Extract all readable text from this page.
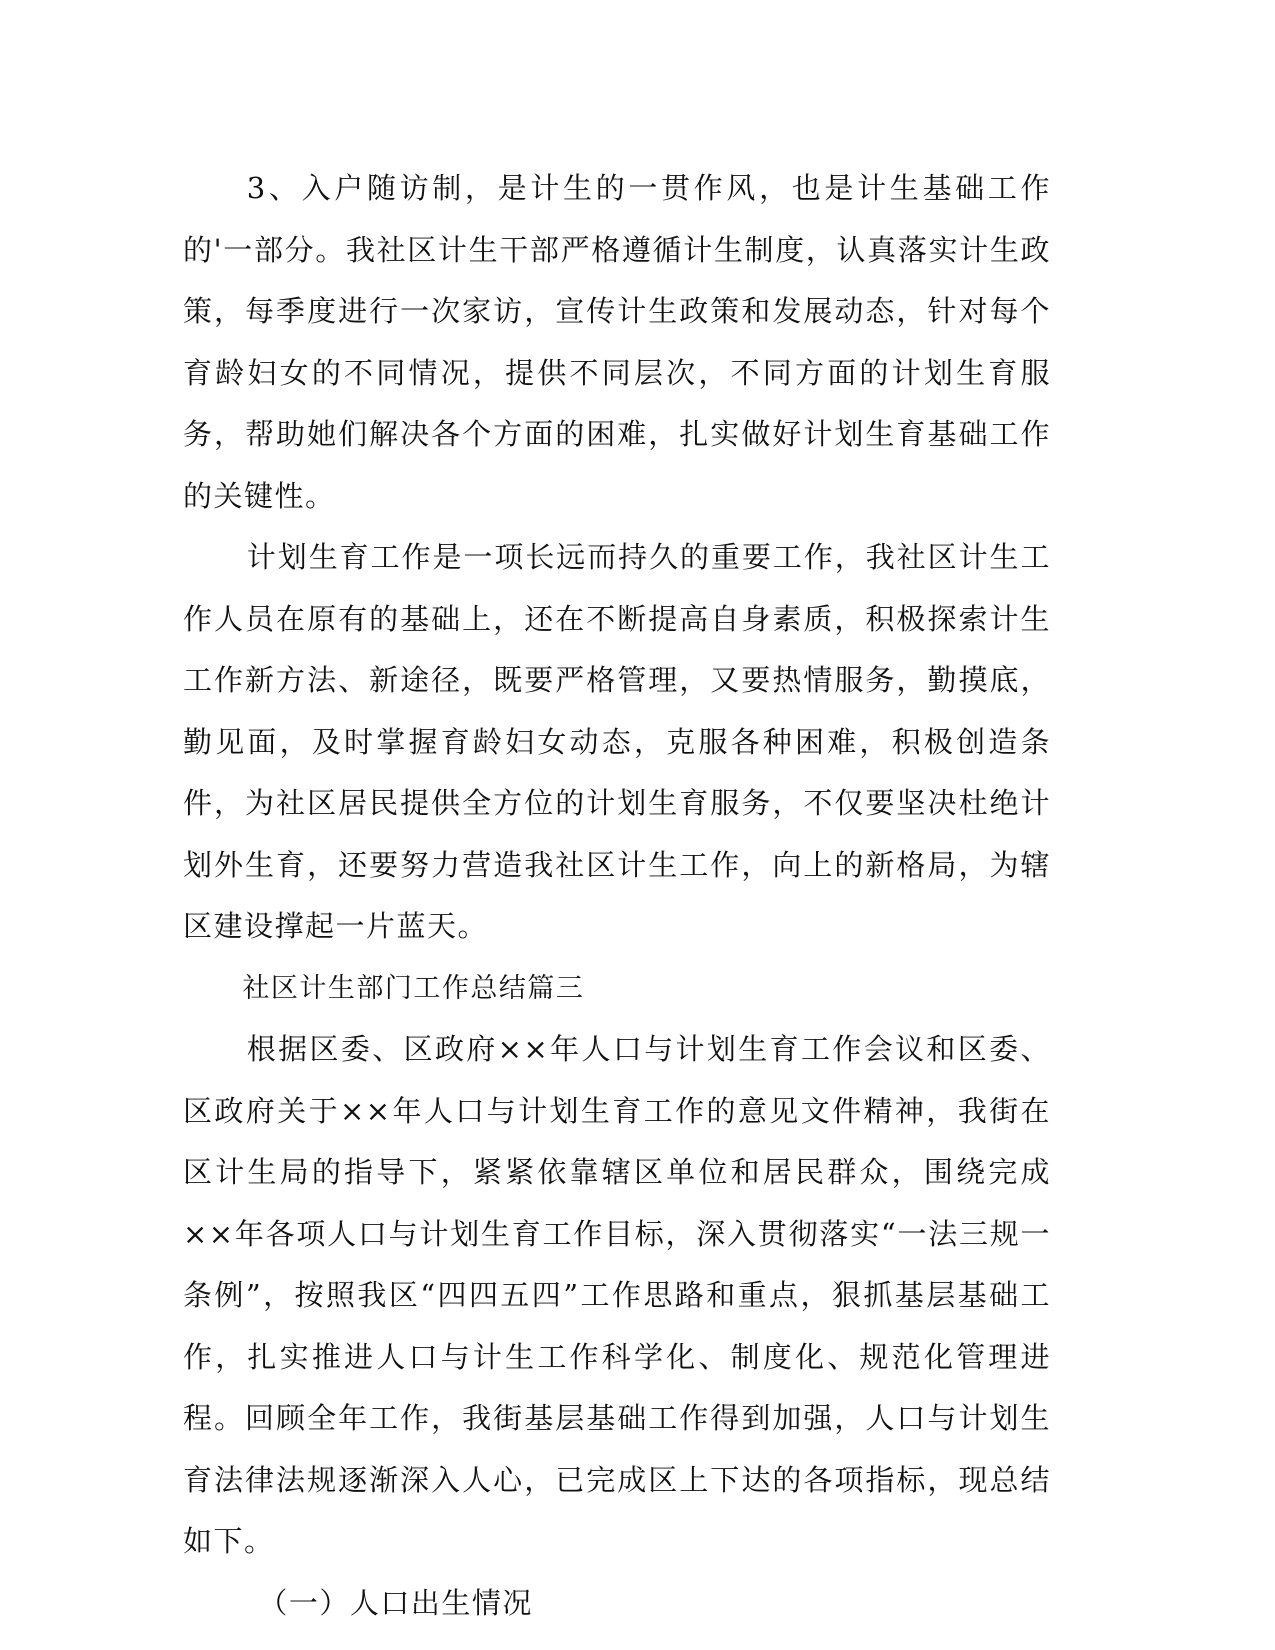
3、入户随访制，是计生的一贯作风，也是计生基础工作的'一部分。我社区计生干部严格遵循计生制度，认真落实计生政策，每季度进行一次家访，宣传计生政策和发展动态，针对每个育龄妇女的不同情况，提供不同层次，不同方面的计划生育服务，帮助她们解决各个方面的困难，扎实做好计划生育基础工作的关键性。

计划生育工作是一项长远而持久的重要工作，我社区计生工作人员在原有的基础上，还在不断提高自身素质，积极探索计生工作新方法、新途径，既要严格管理，又要热情服务，勤摸底，勤见面，及时掌握育龄妇女动态，克服各种困难，积极创造条件，为社区居民提供全方位的计划生育服务，不仅要坚决杜绝计划外生育，还要努力营造我社区计生工作，向上的新格局，为辖区建设撑起一片蓝天。

社区计生部门工作总结篇三

根据区委、区政府××年人口与计划生育工作会议和区委、区政府关于××年人口与计划生育工作的意见文件精神，我街在区计生局的指导下，紧紧依靠辖区单位和居民群众，围绕完成××年各项人口与计划生育工作目标，深入贯彻落实“一法三规一条例”，按照我区“四四五四”工作思路和重点，狠抓基层基础工作，扎实推进人口与计生工作科学化、制度化、规范化管理进程。回顾全年工作，我街基层基础工作得到加强，人口与计划生育法律法规逐渐深入人心，已完成区上下达的各项指标，现总结如下。

（一）人口出生情况
